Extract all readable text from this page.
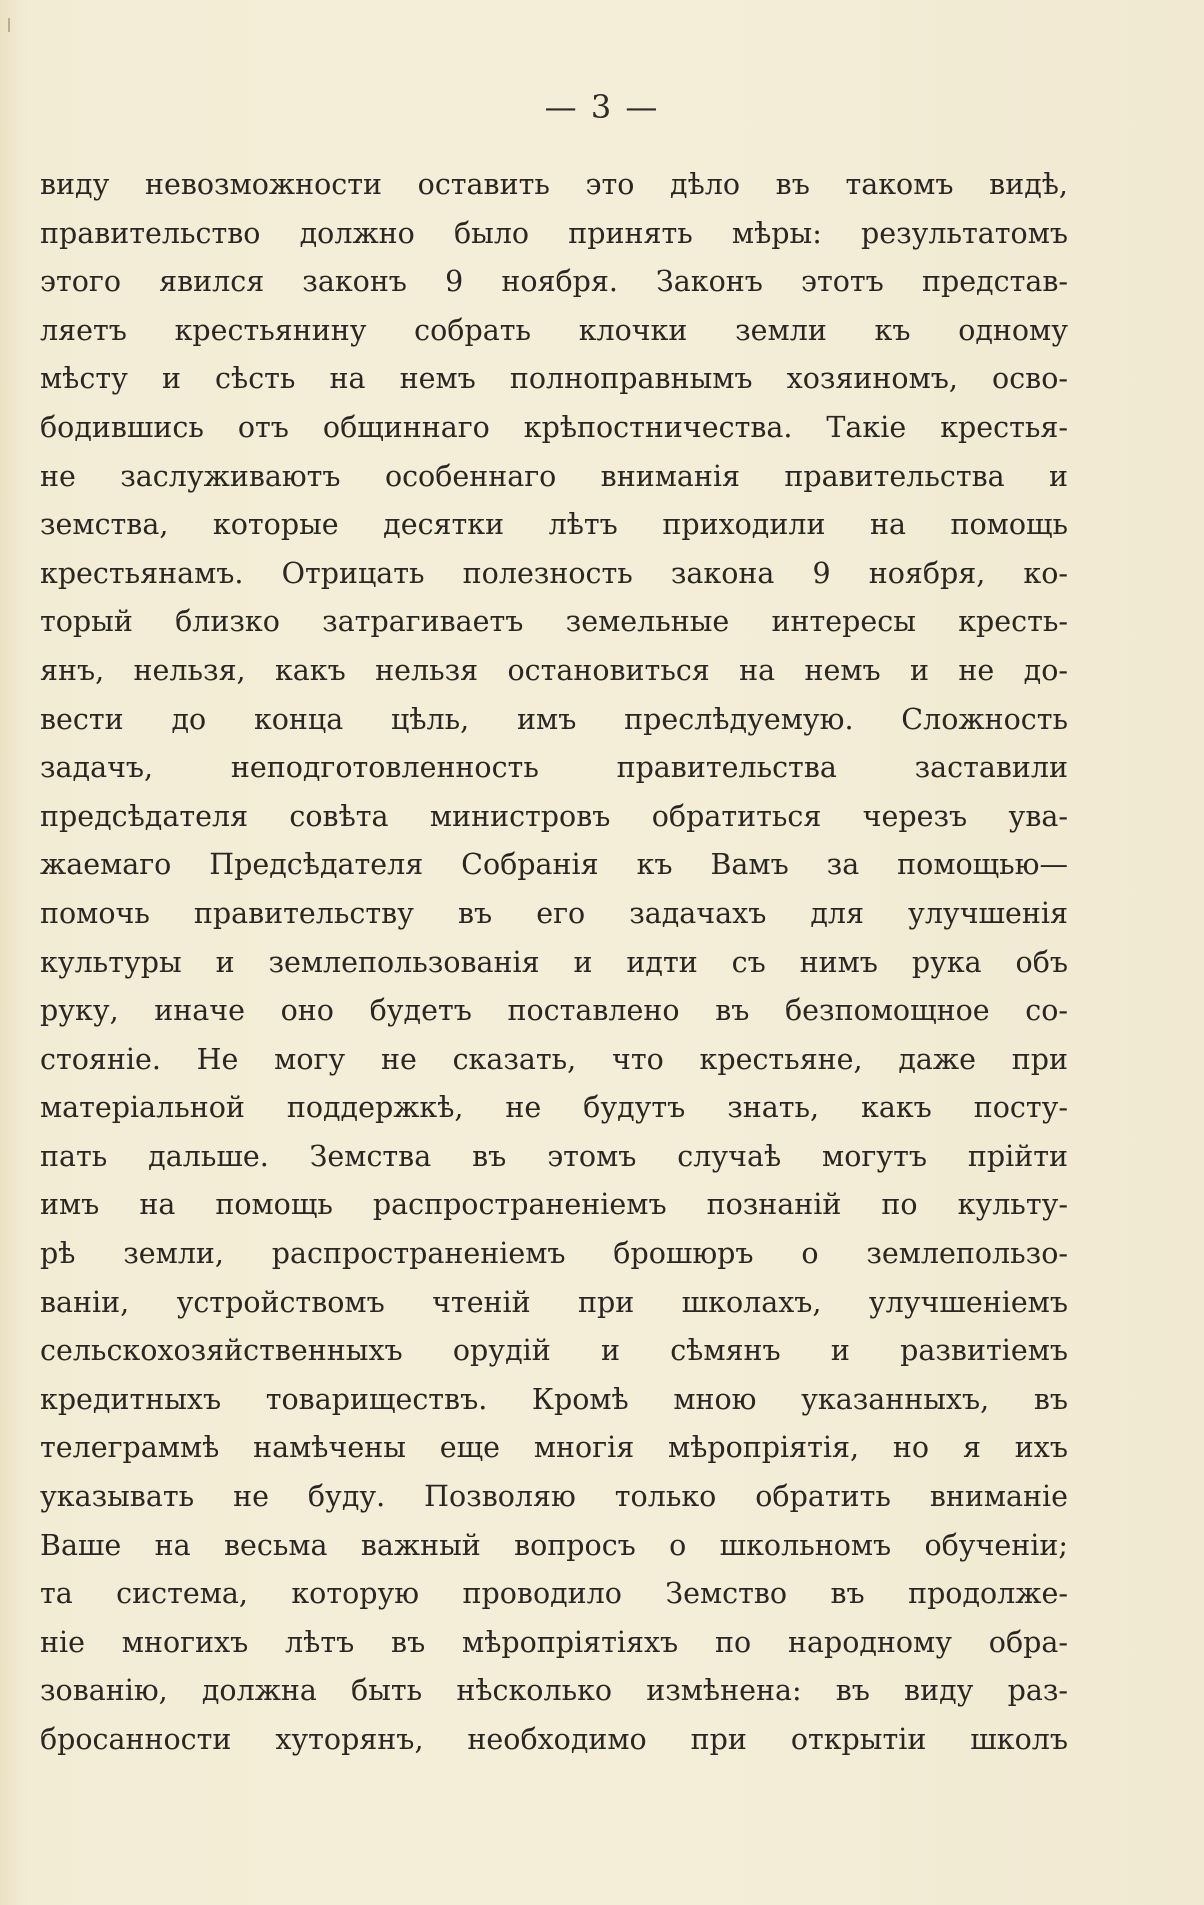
— 3 —
виду невозможности оставить это дѣло въ такомъ видѣ,
правительство должно было принять мѣры: результатомъ
этого явился законъ 9 ноября. Законъ этотъ представ-
ляетъ крестьянину собрать клочки земли къ одному
мѣсту и сѣсть на немъ полноправнымъ хозяиномъ, осво-
бодившись отъ общиннаго крѣпостничества. Такіе крестья-
не заслуживаютъ особеннаго вниманія правительства и
земства, которые десятки лѣтъ приходили на помощь
крестьянамъ. Отрицать полезность закона 9 ноября, ко-
торый близко затрагиваетъ земельные интересы кресть-
янъ, нельзя, какъ нельзя остановиться на немъ и не до-
вести до конца цѣль, имъ преслѣдуемую. Сложность
задачъ, неподготовленность правительства заставили
предсѣдателя совѣта министровъ обратиться черезъ ува-
жаемаго Предсѣдателя Собранія къ Вамъ за помощью—
помочь правительству въ его задачахъ для улучшенія
культуры и землепользованія и идти съ нимъ рука объ
руку, иначе оно будетъ поставлено въ безпомощное со-
стояніе. Не могу не сказать, что крестьяне, даже при
матеріальной поддержкѣ, не будутъ знать, какъ посту-
пать дальше. Земства въ этомъ случаѣ могутъ прійти
имъ на помощь распространеніемъ познаній по культу-
рѣ земли, распространеніемъ брошюръ о землепользо-
ваніи, устройствомъ чтеній при школахъ, улучшеніемъ
сельскохозяйственныхъ орудій и сѣмянъ и развитіемъ
кредитныхъ товариществъ. Кромѣ мною указанныхъ, въ
телеграммѣ намѣчены еще многія мѣропріятія, но я ихъ
указывать не буду. Позволяю только обратить вниманіе
Ваше на весьма важный вопросъ о школьномъ обученіи;
та система, которую проводило Земство въ продолже-
ніе многихъ лѣтъ въ мѣропріятіяхъ по народному обра-
зованію, должна быть нѣсколько измѣнена: въ виду раз-
бросанности хуторянъ, необходимо при открытіи школъ
